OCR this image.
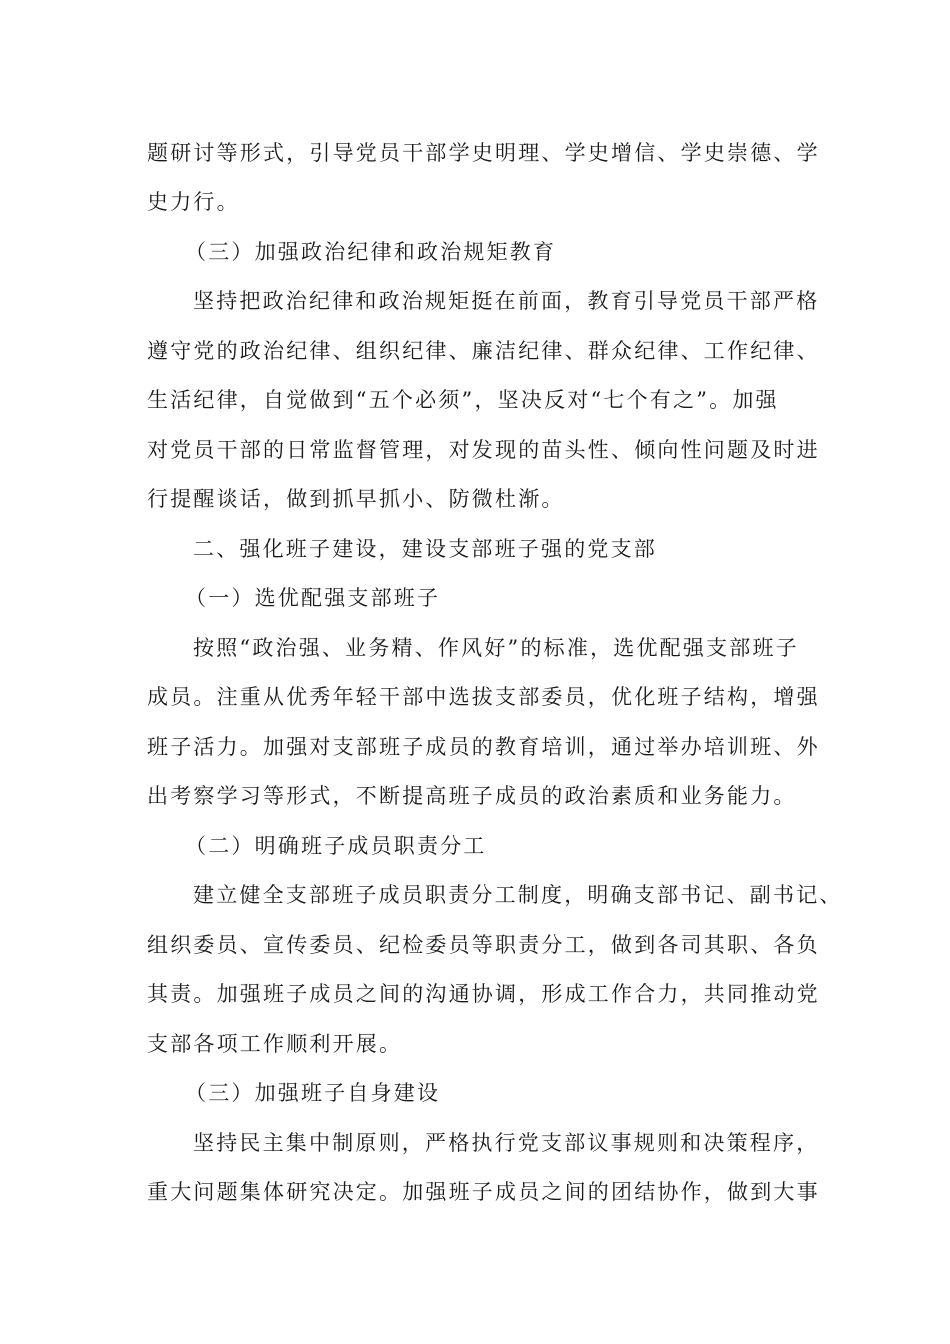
题研讨等形式，引导党员干部学史明理、学史增信、学史崇德、学
史力行。
（三）加强政治纪律和政治规矩教育
坚持把政治纪律和政治规矩挺在前面，教育引导党员干部严格
遵守党的政治纪律、组织纪律、廉洁纪律、群众纪律、工作纪律、
生活纪律，自觉做到“五个必须”，坚决反对“七个有之”。加强
对党员干部的日常监督管理，对发现的苗头性、倾向性问题及时进
行提醒谈话，做到抓早抓小、防微杜渐。
二、强化班子建设，建设支部班子强的党支部
（一）选优配强支部班子
按照“政治强、业务精、作风好”的标准，选优配强支部班子
成员。注重从优秀年轻干部中选拔支部委员，优化班子结构，增强
班子活力。加强对支部班子成员的教育培训，通过举办培训班、外
出考察学习等形式，不断提高班子成员的政治素质和业务能力。
（二）明确班子成员职责分工
建立健全支部班子成员职责分工制度，明确支部书记、副书记、
组织委员、宣传委员、纪检委员等职责分工，做到各司其职、各负
其责。加强班子成员之间的沟通协调，形成工作合力，共同推动党
支部各项工作顺利开展。
（三）加强班子自身建设
坚持民主集中制原则，严格执行党支部议事规则和决策程序，
重大问题集体研究决定。加强班子成员之间的团结协作，做到大事
